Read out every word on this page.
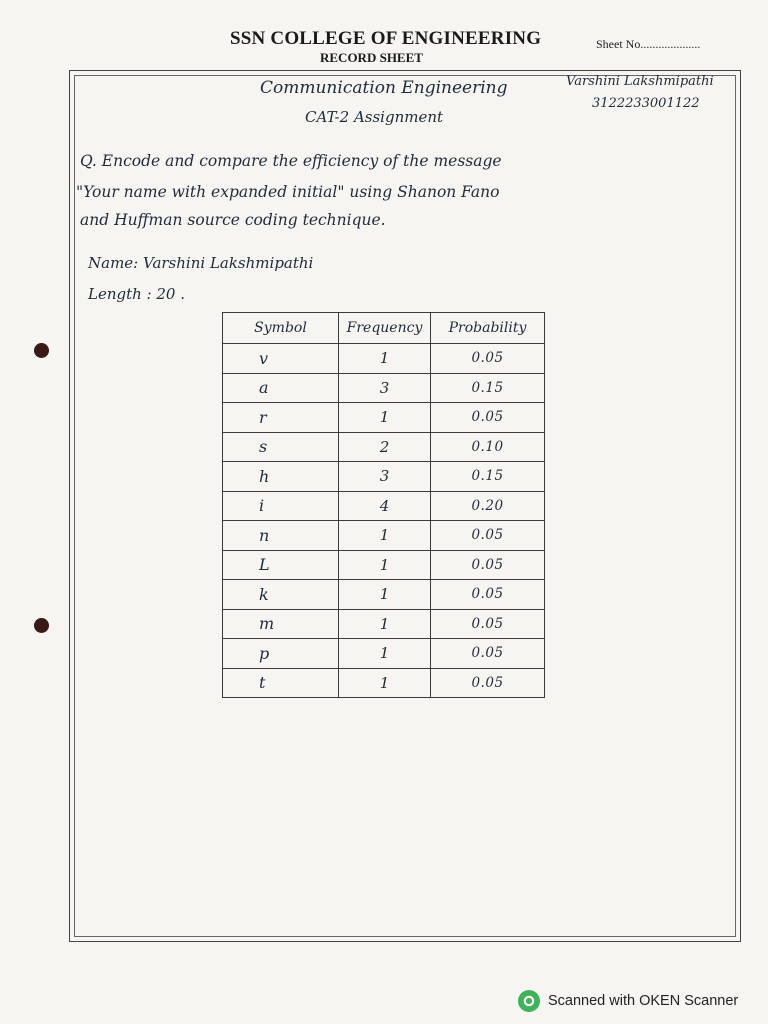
SSN COLLEGE OF ENGINEERING
RECORD SHEET
Sheet No....................
Communication Engineering	Varshini Lakshmipathi
3122233001122
CAT-2 Assignment
Q. Encode and compare the efficiency of the message
"Your name with expanded initial" using Shanon Fano
and Huffman source coding technique.
Name: Varshini Lakshmipathi
Length : 20 .
Symbol	Frequency	Probability
v	1	0.05
a	3	0.15
r	1	0.05
s	2	0.10
h	3	0.15
i	4	0.20
n	1	0.05
L	1	0.05
k	1	0.05
m	1	0.05
p	1	0.05
t	1	0.05
Scanned with OKEN Scanner
